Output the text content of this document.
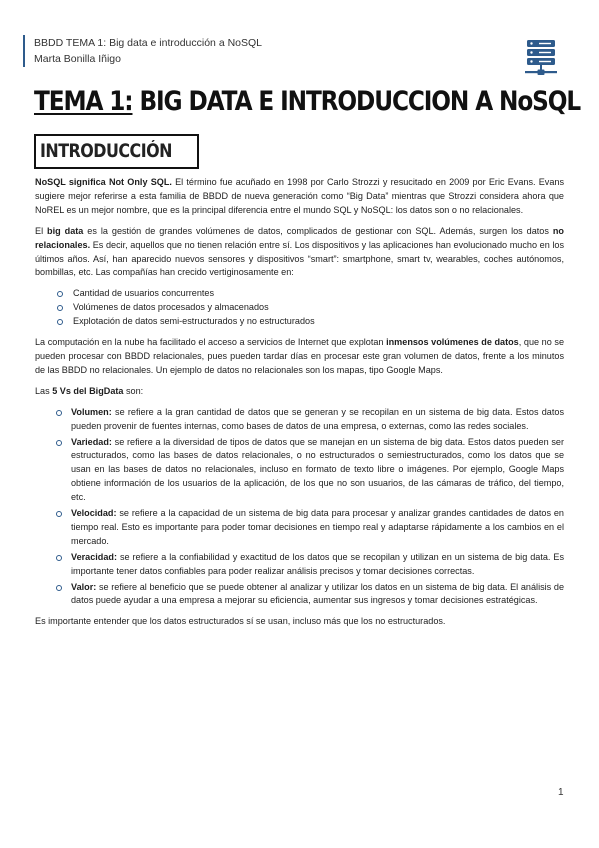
BBDD TEMA 1: Big data e introducción a NoSQL
Marta Bonilla Iñigo
TEMA 1: BIG DATA E INTRODUCCION A NoSQL
INTRODUCCIÓN

NoSQL significa Not Only SQL. El término fue acuñado en 1998 por Carlo Strozzi y resucitado en 2009 por Eric Evans. Evans sugiere mejor referirse a esta familia de BBDD de nueva generación como “Big Data” mientras que Strozzi considera ahora que NoREL es un mejor nombre, que es la principal diferencia entre el mundo SQL y NoSQL: los datos son o no relacionales.

El big data es la gestión de grandes volúmenes de datos, complicados de gestionar con SQL. Además, surgen los datos no relacionales. Es decir, aquellos que no tienen relación entre sí. Los dispositivos y las aplicaciones han evolucionado mucho en los últimos años. Así, han aparecido nuevos sensores y dispositivos “smart”: smartphone, smart tv, wearables, coches autónomos, bombillas, etc. Las compañías han crecido vertiginosamente en:

Cantidad de usuarios concurrentes
Volúmenes de datos procesados y almacenados
Explotación de datos semi-estructurados y no estructurados

La computación en la nube ha facilitado el acceso a servicios de Internet que explotan inmensos volúmenes de datos, que no se pueden procesar con BBDD relacionales, pues pueden tardar días en procesar este gran volumen de datos, frente a los minutos de las BBDD no relacionales. Un ejemplo de datos no relacionales son los mapas, tipo Google Maps.

Las 5 Vs del BigData son:

Volumen: se refiere a la gran cantidad de datos que se generan y se recopilan en un sistema de big data. Estos datos pueden provenir de fuentes internas, como bases de datos de una empresa, o externas, como las redes sociales.
Variedad: se refiere a la diversidad de tipos de datos que se manejan en un sistema de big data. Estos datos pueden ser estructurados, como las bases de datos relacionales, o no estructurados o semiestructurados, como los datos que se usan en las bases de datos no relacionales, incluso en formato de texto libre o imágenes. Por ejemplo, Google Maps obtiene información de los usuarios de la aplicación, de los que no son usuarios, de las cámaras de tráfico, del tiempo, etc.
Velocidad: se refiere a la capacidad de un sistema de big data para procesar y analizar grandes cantidades de datos en tiempo real. Esto es importante para poder tomar decisiones en tiempo real y adaptarse rápidamente a los cambios en el mercado.
Veracidad: se refiere a la confiabilidad y exactitud de los datos que se recopilan y utilizan en un sistema de big data. Es importante tener datos confiables para poder realizar análisis precisos y tomar decisiones correctas.
Valor: se refiere al beneficio que se puede obtener al analizar y utilizar los datos en un sistema de big data. El análisis de datos puede ayudar a una empresa a mejorar su eficiencia, aumentar sus ingresos y tomar decisiones estratégicas.

Es importante entender que los datos estructurados sí se usan, incluso más que los no estructurados.

1
